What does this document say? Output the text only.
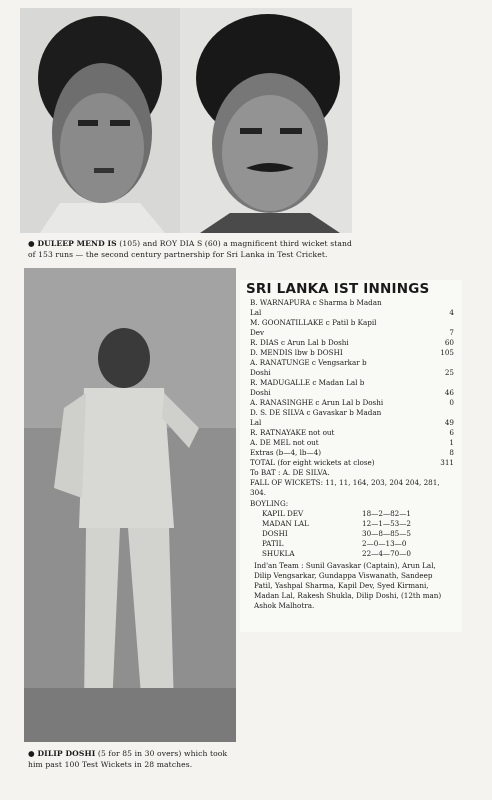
● DULEEP MEND IS (105) and ROY DIA S (60) a magnificent third wicket stand of 153 runs — the second century partnership for Sri Lanka in Test Cricket.
● DILIP DOSHI (5 for 85 in 30 overs) which took him past 100 Test Wickets in 28 matches.
SRI LANKA IST INNINGS
B. WARNAPURA c Sharma b Madan
Lal	4
M. GOONATILLAKE c Patil b Kapil
Dev	7
R. DIAS c Arun Lal b Doshi	60
D. MENDIS lbw b DOSHI	105
A. RANATUNGE c Vengsarkar b
Doshi	25
R. MADUGALLE c Madan Lal b
Doshi	46
A. RANASINGHE c Arun Lal b Doshi	0
D. S. DE SILVA c Gavaskar b Madan
Lal	49
R. RATNAYAKE not out	6
A. DE MEL not out	1
Extras (b—4, lb—4)	8
TOTAL (for eight wickets at close)	311
To BAT : A. DE SILVA.
FALL OF WICKETS: 11, 11, 164, 203, 204 204, 281, 304.
BOYLING:
KAPIL DEV	18—2—82—1
MADAN LAL	12—1—53—2
DOSHI	30—8—85—5
PATIL	2—0—13—0
SHUKLA	22—4—70—0
Ind'an Team : Sunil Gavaskar (Captain), Arun Lal, Dilip Vengsarkar, Gundappa Viswanath, Sandeep Patil, Yashpal Sharma, Kapil Dev, Syed Kirmani, Madan Lal, Rakesh Shukla, Dilip Doshi, (12th man) Ashok Malhotra.
